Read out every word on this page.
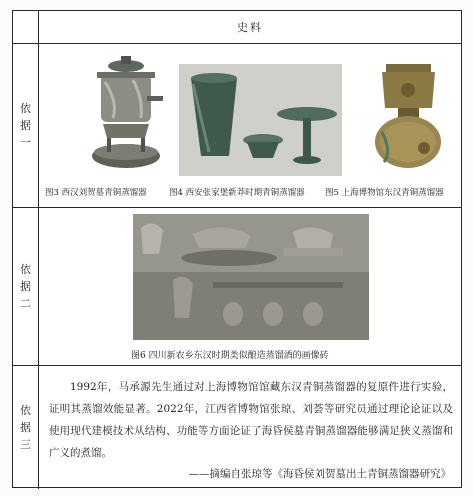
史料
依
据
一
图3 西汉刘贺墓青铜蒸馏器	图4 西安张家堡新莽时期青铜蒸馏器 图5 上海博物馆东汉青铜蒸馏器
依
据
二
图6 四川新农乡东汉时期类似酿造蒸馏酒的画像砖
依
据
三

1992年，马承源先生通过对上海博物馆馆藏东汉青铜蒸馏器的复原件进行实验，证明其蒸馏效能显著。2022年，江西省博物馆张琼、刘荟等研究员通过理论论证以及使用现代建模技术从结构、功能等方面论证了海昏侯墓青铜蒸馏器能够满足狭义蒸馏和广义的煮馏。

——摘编自张琼等《海昏侯刘贺墓出土青铜蒸馏器研究》
